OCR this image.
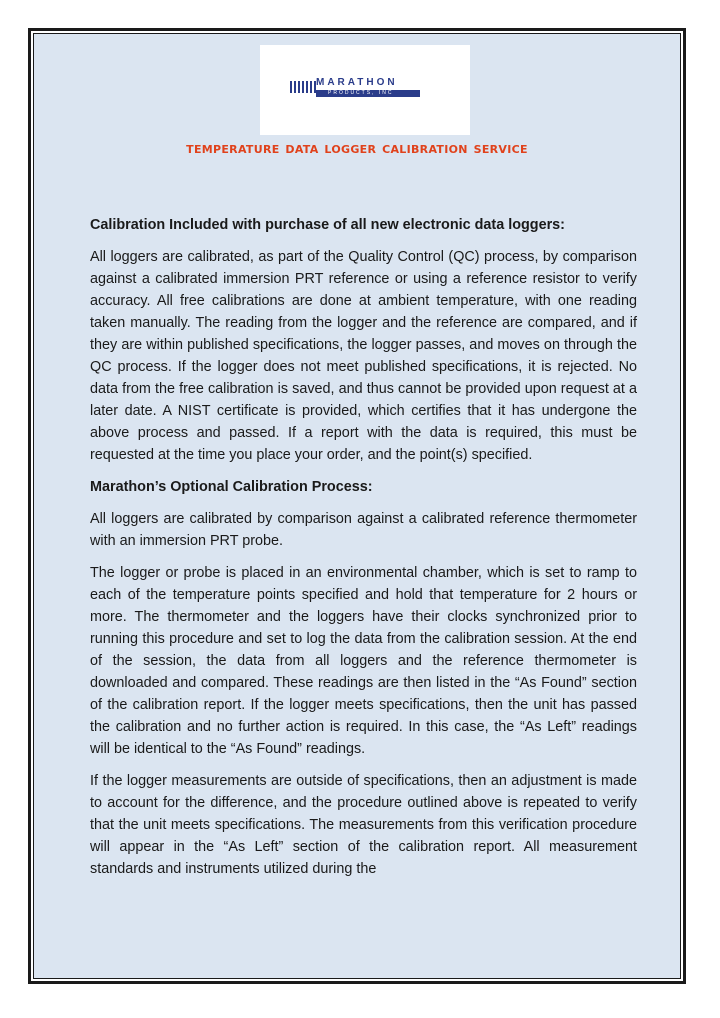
MARATHON
PRODUCTS, INC
temperature data logger calibration service
Calibration Included with purchase of all new electronic data loggers:

All loggers are calibrated, as part of the Quality Control (QC) process, by comparison against a calibrated immersion PRT reference or using a reference resistor to verify accuracy. All free calibrations are done at ambient temperature, with one reading taken manually. The reading from the logger and the reference are compared, and if they are within published specifications, the logger passes, and moves on through the QC process. If the logger does not meet published specifications, it is rejected. No data from the free calibration is saved, and thus cannot be provided upon request at a later date. A NIST certificate is provided, which certifies that it has undergone the above process and passed. If a report with the data is required, this must be requested at the time you place your order, and the point(s) specified.

Marathon’s Optional Calibration Process:

All loggers are calibrated by comparison against a calibrated reference thermometer with an immersion PRT probe.

The logger or probe is placed in an environmental chamber, which is set to ramp to each of the temperature points specified and hold that temperature for 2 hours or more. The thermometer and the loggers have their clocks synchronized prior to running this procedure and set to log the data from the calibration session. At the end of the session, the data from all loggers and the reference thermometer is downloaded and compared. These readings are then listed in the “As Found” section of the calibration report. If the logger meets specifications, then the unit has passed the calibration and no further action is required. In this case, the “As Left” readings will be identical to the “As Found” readings.

If the logger measurements are outside of specifications, then an adjustment is made to account for the difference, and the procedure outlined above is repeated to verify that the unit meets specifications. The measurements from this verification procedure will appear in the “As Left” section of the calibration report. All measurement standards and instruments utilized during the
